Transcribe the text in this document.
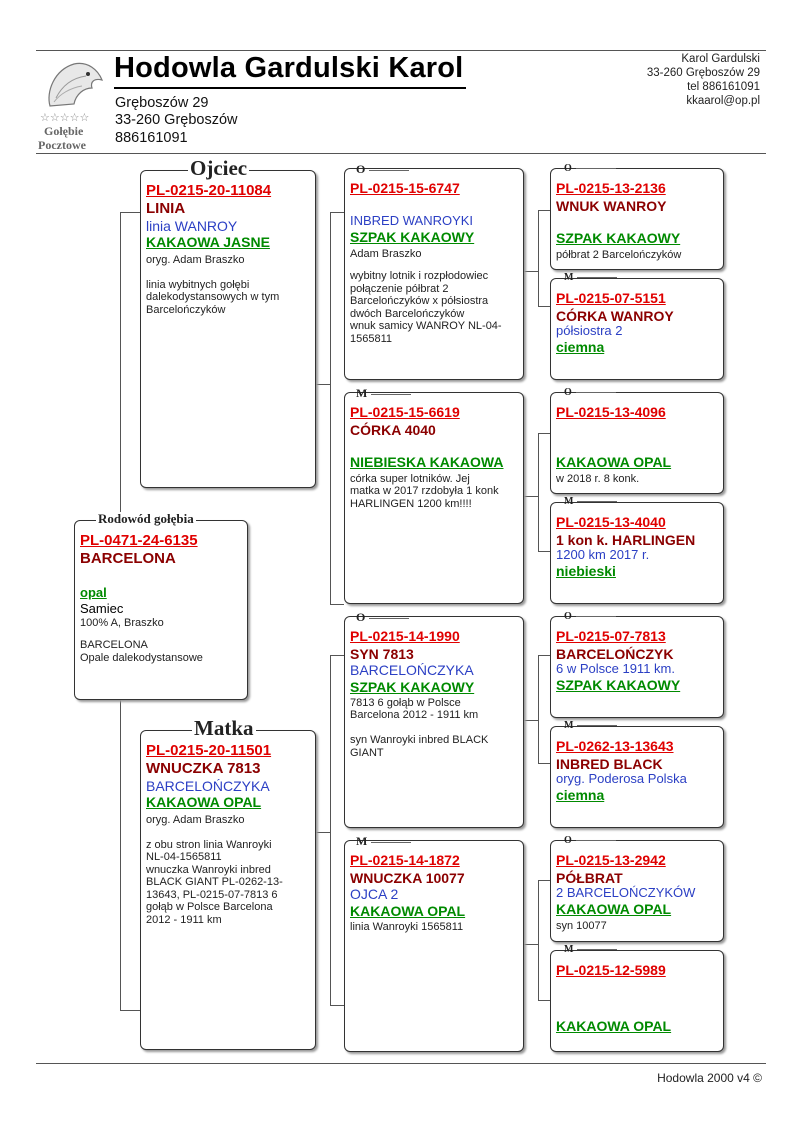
☆☆☆☆☆
Gołębie
Pocztowe
Hodowla Gardulski Karol
Gręboszów 29
33-260 Gręboszów
886161091
Karol Gardulski
33-260 Gręboszów 29
tel 886161091
kkaarol@op.pl
PL-0471-24-6135
BARCELONA
opal
Samiec
100% A, Braszko
BARCELONA
Opale dalekodystansowe
Rodowód gołębia
PL-0215-20-11084
LINIA
linia WANROY
KAKAOWA JASNE
oryg. Adam Braszko
linia wybitnych gołębi
dalekodystansowych w tym
Barcelończyków
Ojciec
PL-0215-20-11501
WNUCZKA 7813
BARCELOŃCZYKA
KAKAOWA OPAL
oryg. Adam Braszko
z obu stron linia Wanroyki
NL-04-1565811
wnuczka Wanroyki inbred
BLACK GIANT PL-0262-13-
13643, PL-0215-07-7813 6
gołąb w Polsce Barcelona
2012 - 1911 km
Matka
PL-0215-15-6747
INBRED WANROYKI
SZPAK KAKAOWY
Adam Braszko
wybitny lotnik i rozpłodowiec
połączenie półbrat 2
Barcelończyków x półsiostra
dwóch Barcelończyków
wnuk samicy WANROY NL-04-
1565811
O
PL-0215-15-6619
CÓRKA 4040
NIEBIESKA KAKAOWA
córka super lotników. Jej
matka w 2017 rzdobyła 1 konk
HARLINGEN 1200 km!!!!
M
PL-0215-14-1990
SYN 7813
BARCELOŃCZYKA
SZPAK KAKAOWY
7813 6 gołąb w Polsce
Barcelona 2012 - 1911 km

syn Wanroyki inbred BLACK
GIANT
O
PL-0215-14-1872
WNUCZKA 10077
OJCA 2
KAKAOWA OPAL
linia Wanroyki 1565811
M
PL-0215-13-2136
WNUK WANROY
SZPAK KAKAOWY
półbrat 2 Barcelończyków
O
PL-0215-07-5151
CÓRKA WANROY
półsiostra 2
ciemna
M
PL-0215-13-4096
KAKAOWA OPAL
w 2018 r. 8 konk.
O
PL-0215-13-4040
1 kon k. HARLINGEN
1200 km 2017 r.
niebieski
M
PL-0215-07-7813
BARCELOŃCZYK
6 w Polsce 1911 km.
SZPAK KAKAOWY
O
PL-0262-13-13643
INBRED BLACK
oryg. Poderosa Polska
ciemna
M
PL-0215-13-2942
PÓŁBRAT
2 BARCELOŃCZYKÓW
KAKAOWA OPAL
syn 10077
O
PL-0215-12-5989
KAKAOWA OPAL
M
Hodowla 2000 v4 ©
